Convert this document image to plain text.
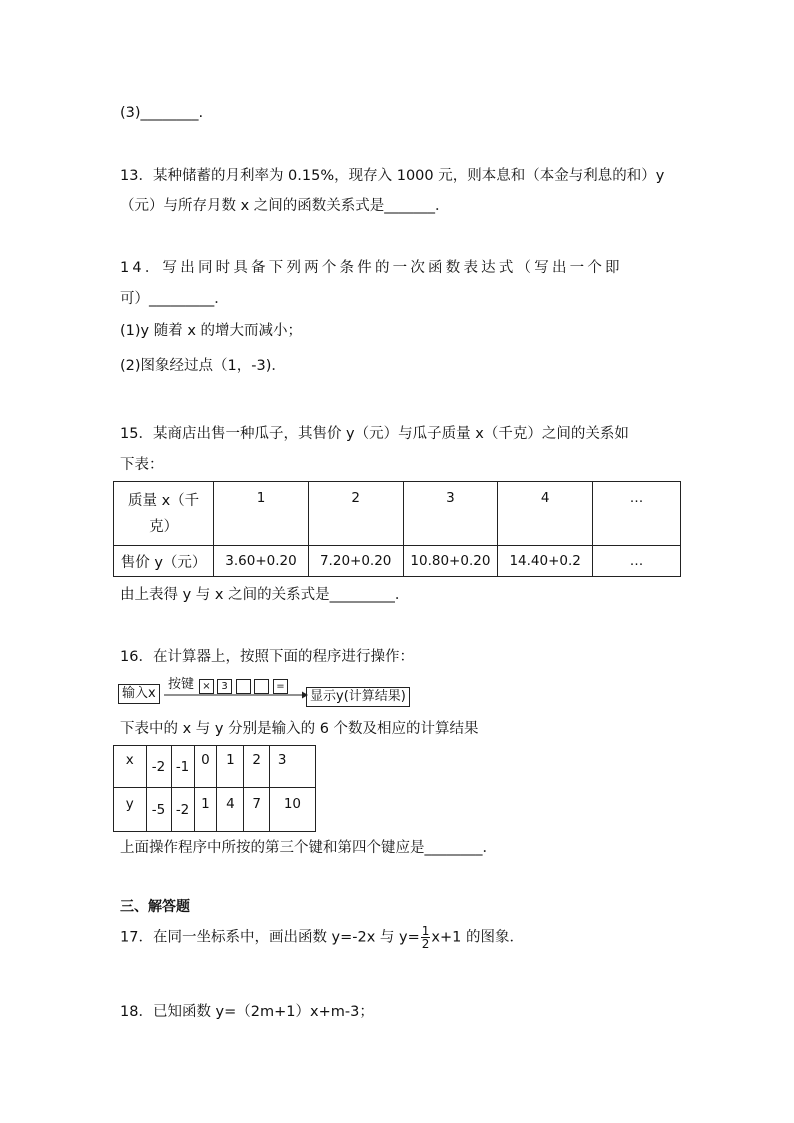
(3)________.
13．某种储蓄的月利率为 0.15%，现存入 1000 元，则本息和（本金与利息的和）y
（元）与所存月数 x 之间的函数关系式是_______．
14．写出同时具备下列两个条件的一次函数表达式（写出一个即
可）_________．
(1)y 随着 x 的增大而减小；
(2)图象经过点（1，-3)．
15．某商店出售一种瓜子，其售价 y（元）与瓜子质量 x（千克）之间的关系如
下表：
质量 x（千
克）	1	2	3	4	…
售价 y（元）	3.60+0.20	7.20+0.20	10.80+0.20	14.40+0.2	…
由上表得 y 与 x 之间的关系式是_________．
16．在计算器上，按照下面的程序进行操作：
输入x
按键 ×	3	=
显示y(计算结果)
下表中的 x 与 y 分别是输入的 6 个数及相应的计算结果
x	-2	-1	0	1	2	3
y	-5	-2	1	4	7	10
上面操作程序中所按的第三个键和第四个键应是________．
三、解答题
17．在同一坐标系中，画出函数 y=-2x 与 $y= \frac{1}{2} x+1$ 的图象．
18．已知函数 y=（2m+1）x+m-3；
